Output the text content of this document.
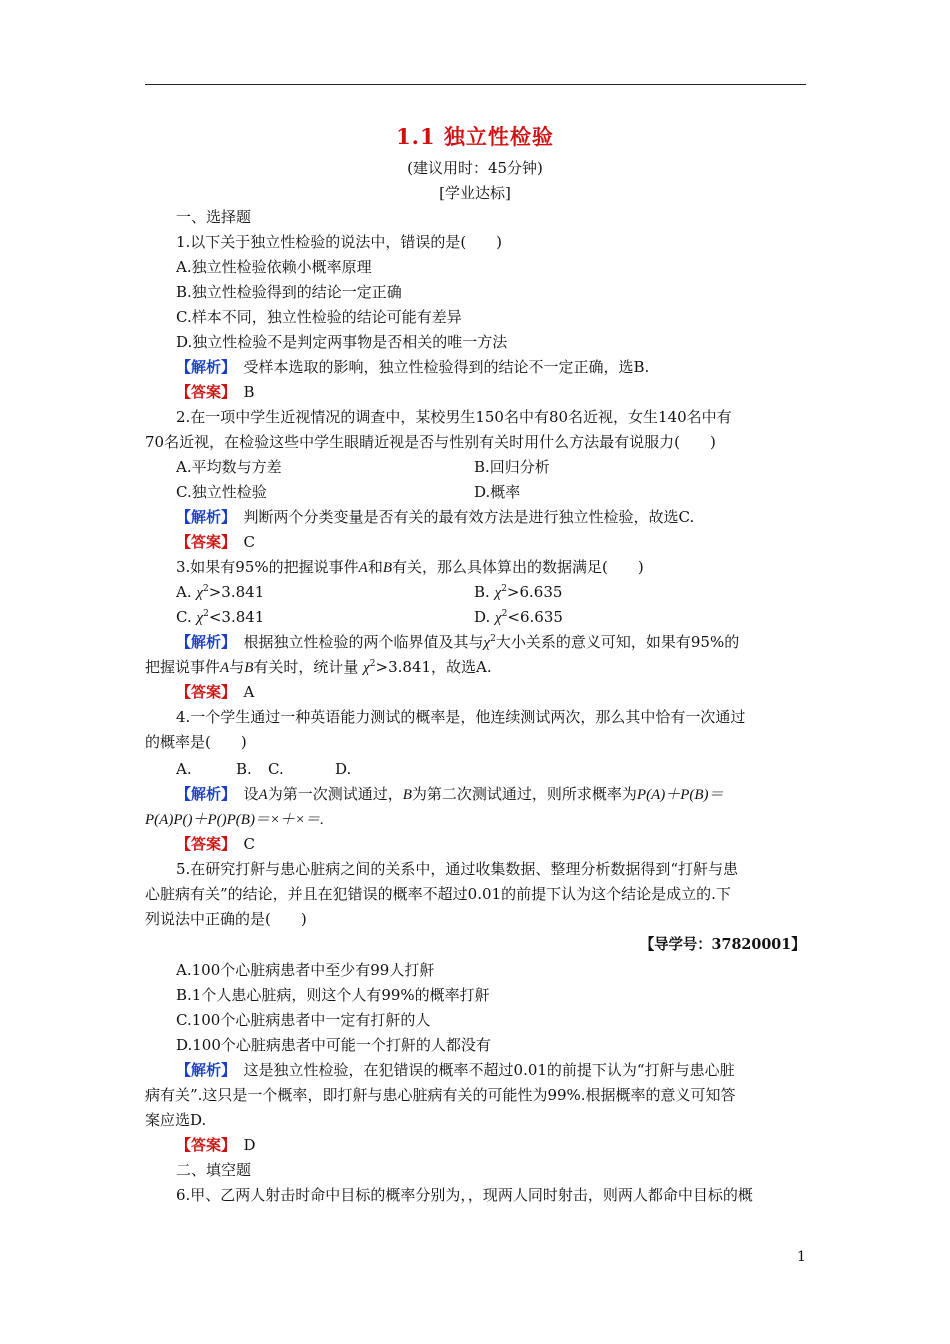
1.1 独立性检验
(建议用时：45分钟)
[学业达标]
一、选择题
1.以下关于独立性检验的说法中，错误的是(　　)
A.独立性检验依赖小概率原理
B.独立性检验得到的结论一定正确
C.样本不同，独立性检验的结论可能有差异
D.独立性检验不是判定两事物是否相关的唯一方法
【解析】　 受样本选取的影响，独立性检验得到的结论不一定正确，选B.
【答案】　 B
2.在一项中学生近视情况的调查中，某校男生150名中有80名近视，女生140名中有
70名近视，在检验这些中学生眼睛近视是否与性别有关时用什么方法最有说服力(　　)
A.平均数与方差	B.回归分析
C.独立性检验	D.概率
【解析】　 判断两个分类变量是否有关的最有效方法是进行独立性检验，故选C.
【答案】　 C
3.如果有95%的把握说事件A和B有关，那么具体算出的数据满足(　　)
A. $\chi^2>3.841$	B. $\chi^2>6.635$
C. $\chi^2<3.841$	D. $\chi^2<6.635$
【解析】　 根据独立性检验的两个临界值及其与$\chi^2$大小关系的意义可知，如果有95%的
把握说事件A与B有关时，统计量 $\chi^2>3.841$，故选A.
【答案】　 A
4.一个学生通过一种英语能力测试的概率是，他连续测试两次，那么其中恰有一次通过
的概率是(　　)
A.	B. C.	D.
【解析】　 设A为第一次测试通过，B为第二次测试通过，则所求概率为P(A)＋P(B)＝
P(A)P()＋P()P(B)＝×＋×＝.
【答案】　 C
5.在研究打鼾与患心脏病之间的关系中，通过收集数据、整理分析数据得到“打鼾与患
心脏病有关”的结论，并且在犯错误的概率不超过0.01的前提下认为这个结论是成立的.下
列说法中正确的是(　　)
【导学号：37820001】
A.100个心脏病患者中至少有99人打鼾
B.1个人患心脏病，则这个人有99%的概率打鼾
C.100个心脏病患者中一定有打鼾的人
D.100个心脏病患者中可能一个打鼾的人都没有
【解析】　 这是独立性检验，在犯错误的概率不超过0.01的前提下认为“打鼾与患心脏
病有关”.这只是一个概率，即打鼾与患心脏病有关的可能性为99%.根据概率的意义可知答
案应选D.
【答案】　 D
二、填空题
6.甲、乙两人射击时命中目标的概率分别为，，现两人同时射击，则两人都命中目标的概
1
